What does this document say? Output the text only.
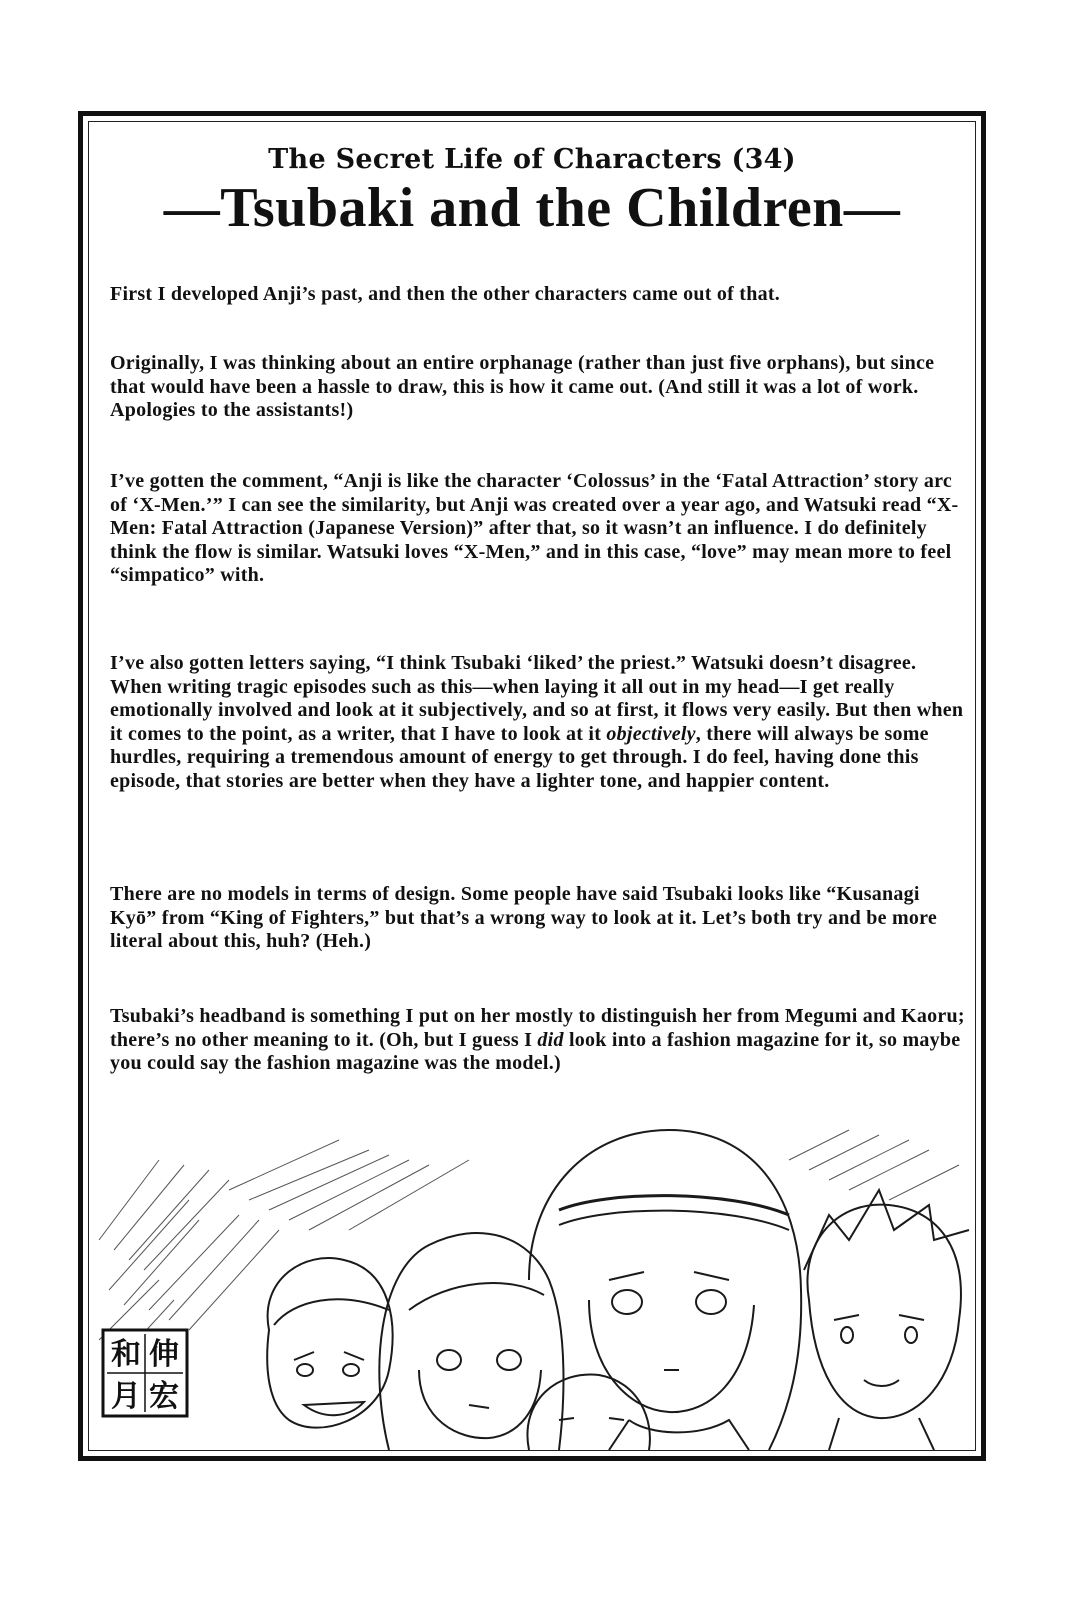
The Secret Life of Characters (34)
—Tsubaki and the Children—

First I developed Anji’s past, and then the other characters came out of that.

Originally, I was thinking about an entire orphanage (rather than just five orphans), but since that would have been a hassle to draw, this is how it came out. (And still it was a lot of work. Apologies to the assistants!)

I’ve gotten the comment, “Anji is like the character ‘Colossus’ in the ‘Fatal Attraction’ story arc of ‘X-Men.’” I can see the similarity, but Anji was created over a year ago, and Watsuki read “X-Men: Fatal Attraction (Japanese Version)” after that, so it wasn’t an influence. I do definitely think the flow is similar. Watsuki loves “X-Men,” and in this case, “love” may mean more to feel “simpatico” with.

I’ve also gotten letters saying, “I think Tsubaki ‘liked’ the priest.” Watsuki doesn’t disagree. When writing tragic episodes such as this—when laying it all out in my head—I get really emotionally involved and look at it subjectively, and so at first, it flows very easily. But then when it comes to the point, as a writer, that I have to look at it objectively, there will always be some hurdles, requiring a tremendous amount of energy to get through. I do feel, having done this episode, that stories are better when they have a lighter tone, and happier content.

There are no models in terms of design. Some people have said Tsubaki looks like “Kusanagi Kyō” from “King of Fighters,” but that’s a wrong way to look at it. Let’s both try and be more literal about this, huh? (Heh.)

Tsubaki’s headband is something I put on her mostly to distinguish her from Megumi and Kaoru; there’s no other meaning to it. (Oh, but I guess I did look into a fashion magazine for it, so maybe you could say the fashion magazine was the model.)

伸
宏
和
月
